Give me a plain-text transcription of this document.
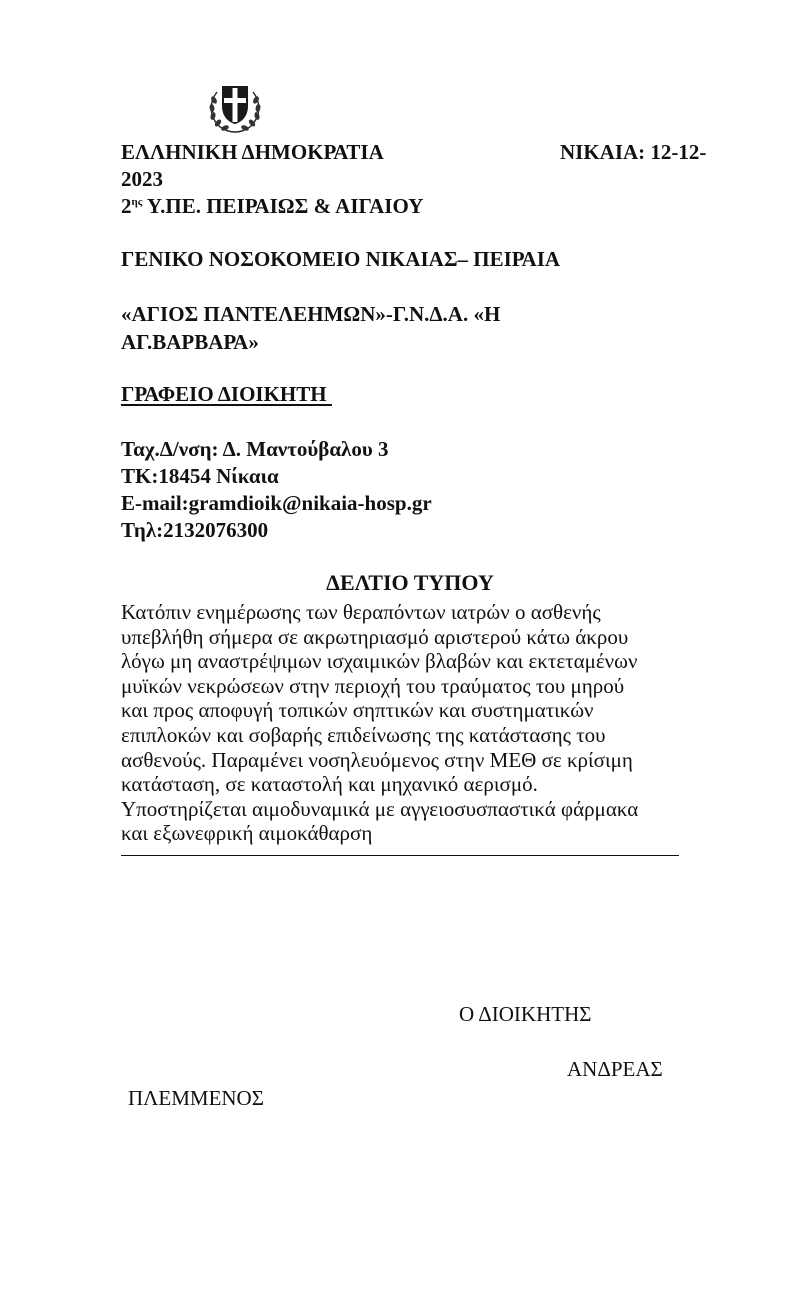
ΕΛΛΗΝΙΚΗ ΔΗΜΟΚΡΑΤΙΑ	ΝΙΚΑΙΑ: 12-12-
2023
$2^{\eta\varsigma}$ Υ.ΠΕ. ΠΕΙΡΑΙΩΣ & ΑΙΓΑΙΟΥ
ΓΕΝΙΚΟ ΝΟΣΟΚΟΜΕΙΟ ΝΙΚΑΙΑΣ– ΠΕΙΡΑΙΑ
«ΑΓΙΟΣ ΠΑΝΤΕΛΕΗΜΩΝ»-Γ.Ν.Δ.Α. «Η
ΑΓ.ΒΑΡΒΑΡΑ»
ΓΡΑΦΕΙΟ ΔΙΟΙΚΗΤΗ
Ταχ.Δ/νση: Δ. Μαντούβαλου 3
ΤΚ:18454 Νίκαια
E-mail:gramdioik@nikaia-hosp.gr
Τηλ:2132076300
ΔΕΛΤΙΟ ΤΥΠΟΥ

Κατόπιν ενημέρωσης των θεραπόντων ιατρών ο ασθενής

υπεβλήθη σήμερα σε ακρωτηριασμό αριστερού κάτω άκρου

λόγω μη αναστρέψιμων ισχαιμικών βλαβών και εκτεταμένων

μυϊκών νεκρώσεων στην περιοχή του τραύματος του μηρού

και προς αποφυγή τοπικών σηπτικών και συστηματικών

επιπλοκών και σοβαρής επιδείνωσης της κατάστασης του

ασθενούς. Παραμένει νοσηλευόμενος στην ΜΕΘ σε κρίσιμη

κατάσταση, σε καταστολή και μηχανικό αερισμό.

Υποστηρίζεται αιμοδυναμικά με αγγειοσυσπαστικά φάρμακα

και εξωνεφρική αιμοκάθαρση

Ο ΔΙΟΙΚΗΤΗΣ
ΑΝΔΡΕΑΣ
ΠΛΕΜΜΕΝΟΣ
